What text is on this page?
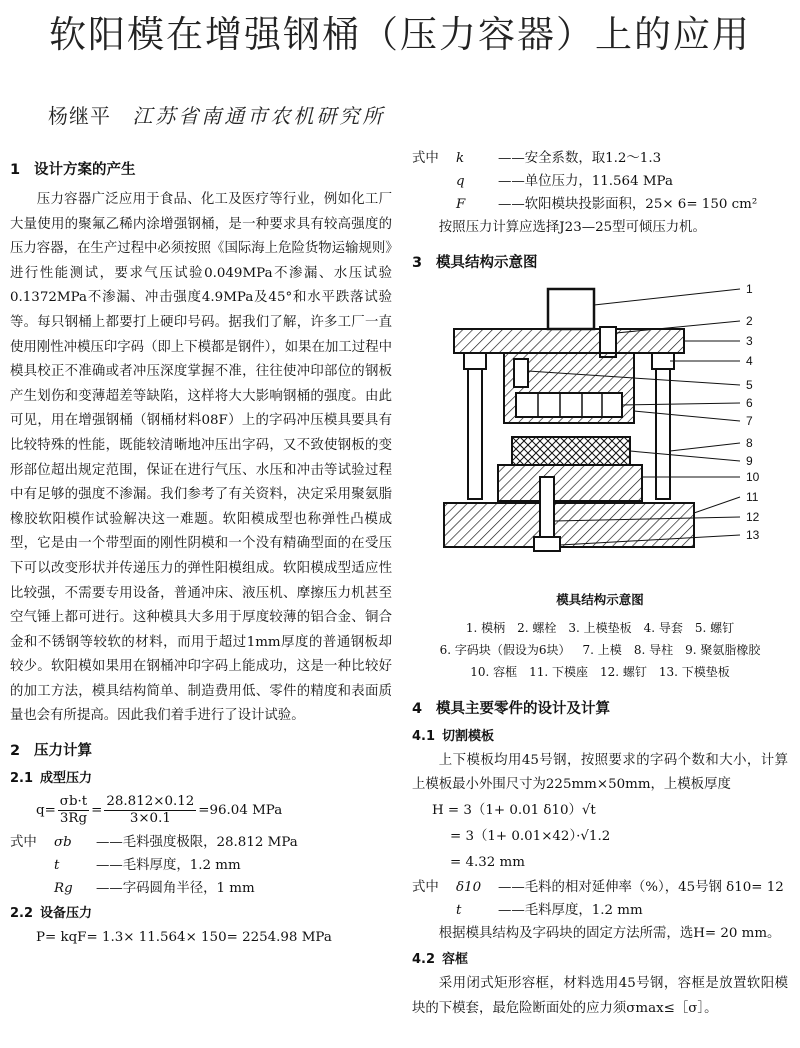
软阳模在增强钢桶（压力容器）上的应用
杨继平 江苏省南通市农机研究所
1 设计方案的产生

压力容器广泛应用于食品、化工及医疗等行业，例如化工厂大量使用的聚氟乙稀内涂增强钢桶，是一种要求具有较高强度的压力容器，在生产过程中必须按照《国际海上危险货物运输规则》进行性能测试，要求气压试验0.049MPa不渗漏、水压试验0.1372MPa不渗漏、冲击强度4.9MPa及45°和水平跌落试验等。每只钢桶上都要打上硬印号码。据我们了解，许多工厂一直使用刚性冲模压印字码（即上下模都是钢件），如果在加工过程中模具校正不准确或者冲压深度掌握不准，往往使冲印部位的钢板产生划伤和变薄超差等缺陷，这样将大大影响钢桶的强度。由此可见，用在增强钢桶（钢桶材料08F）上的字码冲压模具要具有比较特殊的性能，既能较清晰地冲压出字码，又不致使钢板的变形部位超出规定范围，保证在进行气压、水压和冲击等试验过程中有足够的强度不渗漏。我们参考了有关资料，决定采用聚氨脂橡胶软阳模作试验解决这一难题。软阳模成型也称弹性凸模成型，它是由一个带型面的刚性阴模和一个没有精确型面的在受压下可以改变形状并传递压力的弹性阳模组成。软阳模成型适应性比较强，不需要专用设备，普通冲床、液压机、摩擦压力机甚至空气锤上都可进行。这种模具大多用于厚度较薄的铝合金、铜合金和不锈钢等较软的材料，而用于超过1mm厚度的普通钢板却较少。软阳模如果用在钢桶冲印字码上能成功，这是一种比较好的加工方法，模具结构简单、制造费用低、零件的精度和表面质量也会有所提高。因此我们着手进行了设计试验。

2 压力计算
2.1 成型压力
$q= \frac{\sigma b\cdot t}{3Rg} = \frac{28.812\times 0.12}{3\times 0.1} =96.04$ MPa
式中	σb	——毛料强度极限，28.812 MPa
t	——毛料厚度，1.2 mm
Rg	——字码圆角半径，1 mm
2.2 设备压力
P= kqF= 1.3× 11.564× 150= 2254.98 MPa
式中	k	——安全系数，取1.2～1.3
q	——单位压力，11.564 MPa
F	——软阳模块投影面积，25× 6= 150 cm²

按照压力计算应选择J23—25型可倾压力机。

3 模具结构示意图
1
2
3
4
5
6
7
8
9
10
11
12
13
模具结构示意图
1. 模柄 2. 螺栓 3. 上模垫板 4. 导套 5. 螺钉
6. 字码块（假设为6块） 7. 上模 8. 导柱 9. 聚氨脂橡胶
10. 容框 11. 下模座 12. 螺钉 13. 下模垫板
4 模具主要零件的设计及计算
4.1 切割模板

上下模板均用45号钢，按照要求的字码个数和大小，计算上模板最小外围尺寸为225mm×50mm，上模板厚度

H = 3（1+ 0.01 δ10）√t
= 3（1+ 0.01×42）·√1.2
= 4.32 mm
式中	δ10	——毛料的相对延伸率（%），45号钢 δ10= 12
t	——毛料厚度，1.2 mm

根据模具结构及字码块的固定方法所需，选H= 20 mm。

4.2 容框

采用闭式矩形容框，材料选用45号钢，容框是放置软阳模块的下模套，最危险断面处的应力须σmax≤［σ］。
